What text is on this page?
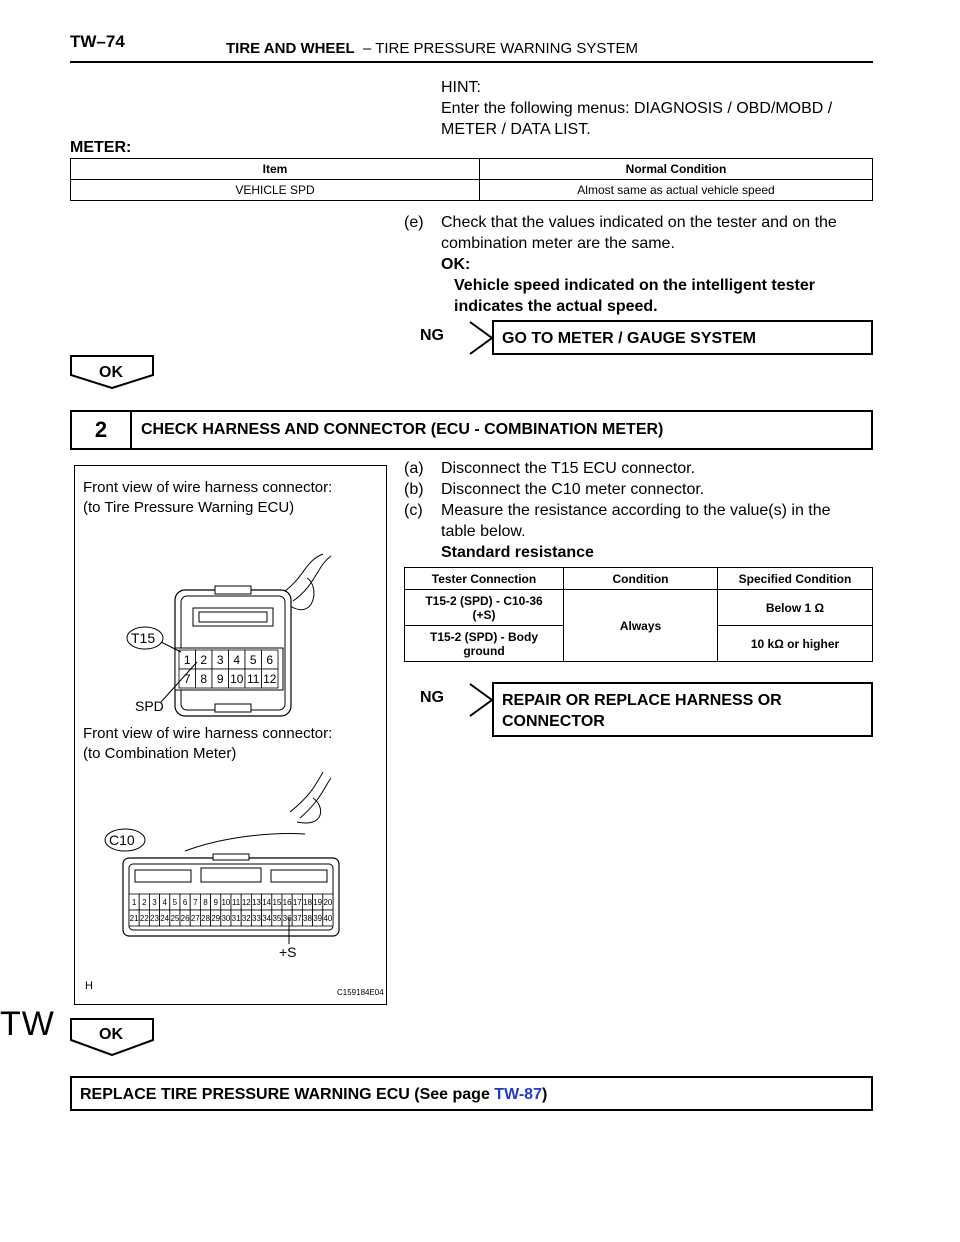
TW–74	TIRE AND WHEEL – TIRE PRESSURE WARNING SYSTEM
HINT:
Enter the following menus: DIAGNOSIS / OBD/MOBD /
METER / DATA LIST.
METER:
Item	Normal Condition
VEHICLE SPD	Almost same as actual vehicle speed
(e) Check that the values indicated on the tester and on the
combination meter are the same.
OK:
Vehicle speed indicated on the intelligent tester
indicates the actual speed.
NG	GO TO METER / GAUGE SYSTEM
OK
2	CHECK HARNESS AND CONNECTOR (ECU - COMBINATION METER)
Front view of wire harness connector:
(to Tire Pressure Warning ECU)
1 2 3 4 5 6
7 8 9 10 11 12
1 2 3 4 5 6 7 8 9 10 11 12 13 14 15 16 17 18 19 20
21 22 23 24 25 26 27 28 29 30 31 32 33 34 35 36 37 38 39 40
T15
SPD
Front view of wire harness connector:
(to Combination Meter)
C10
+S
H
C159184E04
(a) Disconnect the T15 ECU connector.
(b) Disconnect the C10 meter connector.
(c) Measure the resistance according to the value(s) in the
table below.
Standard resistance
Tester Connection	Condition	Specified Condition
T15-2 (SPD) - C10-36
(+S)	Always	Below 1 Ω
T15-2 (SPD) - Body
ground		10 kΩ or higher
NG	REPAIR OR REPLACE HARNESS OR
CONNECTOR
TW	OK
REPLACE TIRE PRESSURE WARNING ECU (See page TW-87)
